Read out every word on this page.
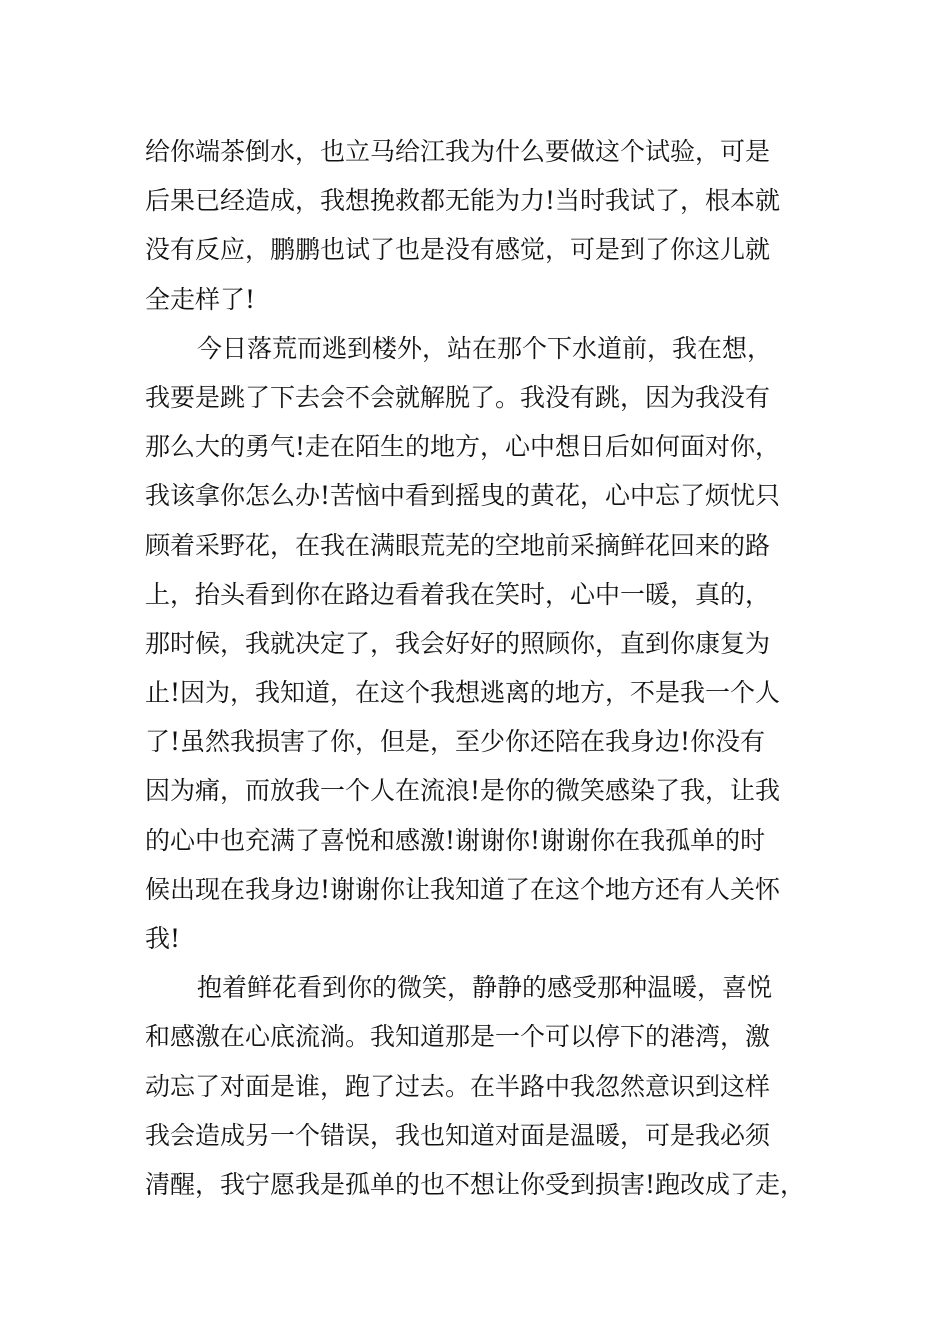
给你端茶倒水，也立马给江我为什么要做这个试验，可是
后果已经造成，我想挽救都无能为力!当时我试了，根本就
没有反应，鹏鹏也试了也是没有感觉，可是到了你这儿就
全走样了!
今日落荒而逃到楼外，站在那个下水道前，我在想，
我要是跳了下去会不会就解脱了。我没有跳，因为我没有
那么大的勇气!走在陌生的地方，心中想日后如何面对你，
我该拿你怎么办!苦恼中看到摇曳的黄花，心中忘了烦忧只
顾着采野花，在我在满眼荒芜的空地前采摘鲜花回来的路
上，抬头看到你在路边看着我在笑时，心中一暖，真的，
那时候，我就决定了，我会好好的照顾你，直到你康复为
止!因为，我知道，在这个我想逃离的地方，不是我一个人
了!虽然我损害了你，但是，至少你还陪在我身边!你没有
因为痛，而放我一个人在流浪!是你的微笑感染了我，让我
的心中也充满了喜悦和感激!谢谢你!谢谢你在我孤单的时
候出现在我身边!谢谢你让我知道了在这个地方还有人关怀
我!
抱着鲜花看到你的微笑，静静的感受那种温暖，喜悦
和感激在心底流淌。我知道那是一个可以停下的港湾，激
动忘了对面是谁，跑了过去。在半路中我忽然意识到这样
我会造成另一个错误，我也知道对面是温暖，可是我必须
清醒，我宁愿我是孤单的也不想让你受到损害!跑改成了走，
